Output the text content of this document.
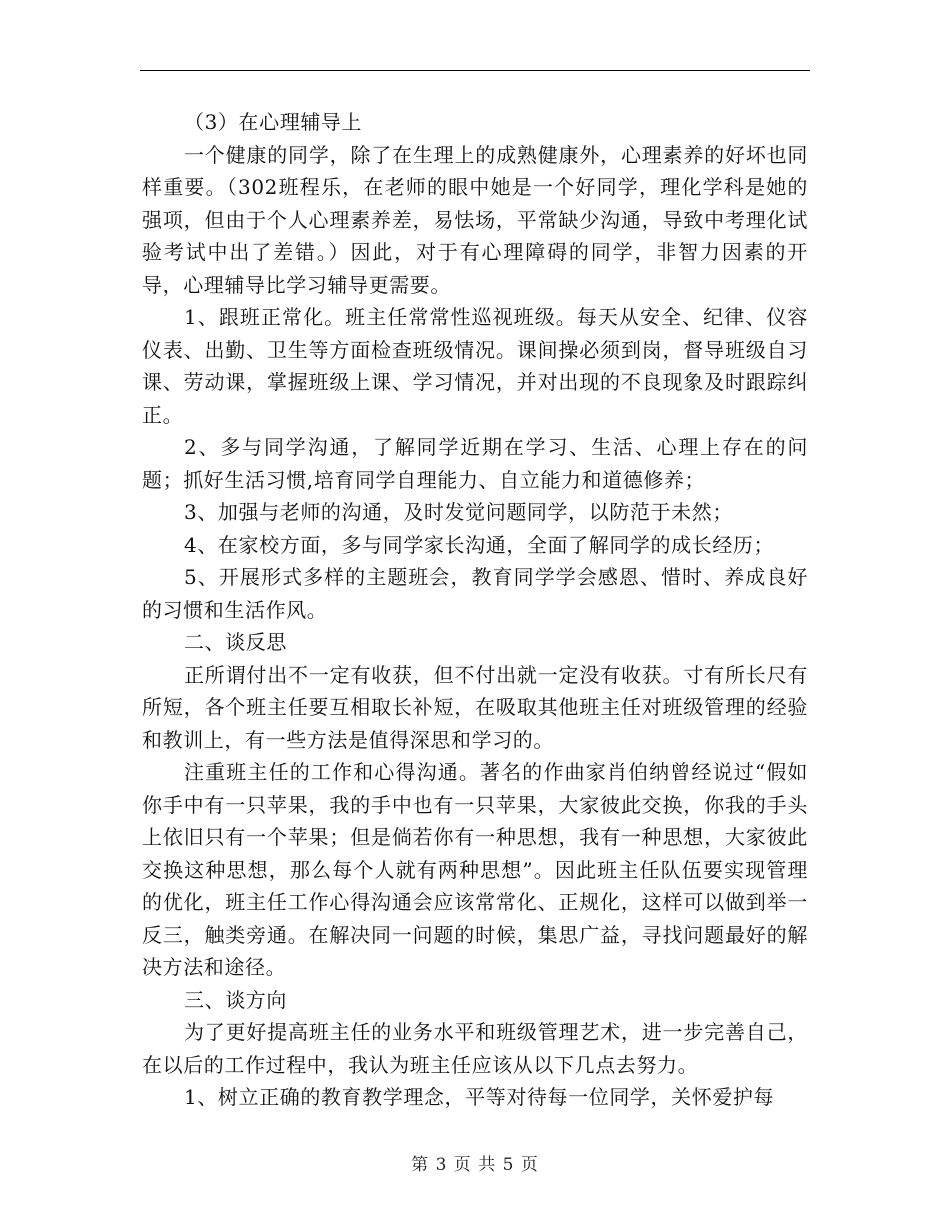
（3）在心理辅导上

一个健康的同学，除了在生理上的成熟健康外，心理素养的好坏也同样重要。（302班程乐，在老师的眼中她是一个好同学，理化学科是她的强项，但由于个人心理素养差，易怯场，平常缺少沟通，导致中考理化试验考试中出了差错。）因此，对于有心理障碍的同学，非智力因素的开导，心理辅导比学习辅导更需要。

1、跟班正常化。班主任常常性巡视班级。每天从安全、纪律、仪容仪表、出勤、卫生等方面检查班级情况。课间操必须到岗，督导班级自习课、劳动课，掌握班级上课、学习情况，并对出现的不良现象及时跟踪纠正。

2、多与同学沟通，了解同学近期在学习、生活、心理上存在的问题；抓好生活习惯,培育同学自理能力、自立能力和道德修养；

3、加强与老师的沟通，及时发觉问题同学，以防范于未然；

4、在家校方面，多与同学家长沟通，全面了解同学的成长经历；

5、开展形式多样的主题班会，教育同学学会感恩、惜时、养成良好的习惯和生活作风。

二、谈反思

正所谓付出不一定有收获，但不付出就一定没有收获。寸有所长尺有所短，各个班主任要互相取长补短，在吸取其他班主任对班级管理的经验和教训上，有一些方法是值得深思和学习的。

注重班主任的工作和心得沟通。著名的作曲家肖伯纳曾经说过“假如你手中有一只苹果，我的手中也有一只苹果，大家彼此交换，你我的手头上依旧只有一个苹果；但是倘若你有一种思想，我有一种思想，大家彼此交换这种思想，那么每个人就有两种思想”。因此班主任队伍要实现管理的优化，班主任工作心得沟通会应该常常化、正规化，这样可以做到举一反三，触类旁通。在解决同一问题的时候，集思广益，寻找问题最好的解决方法和途径。

三、谈方向

为了更好提高班主任的业务水平和班级管理艺术，进一步完善自己，在以后的工作过程中，我认为班主任应该从以下几点去努力。

1、树立正确的教育教学理念，平等对待每一位同学，关怀爱护每

第 3 页 共 5 页
